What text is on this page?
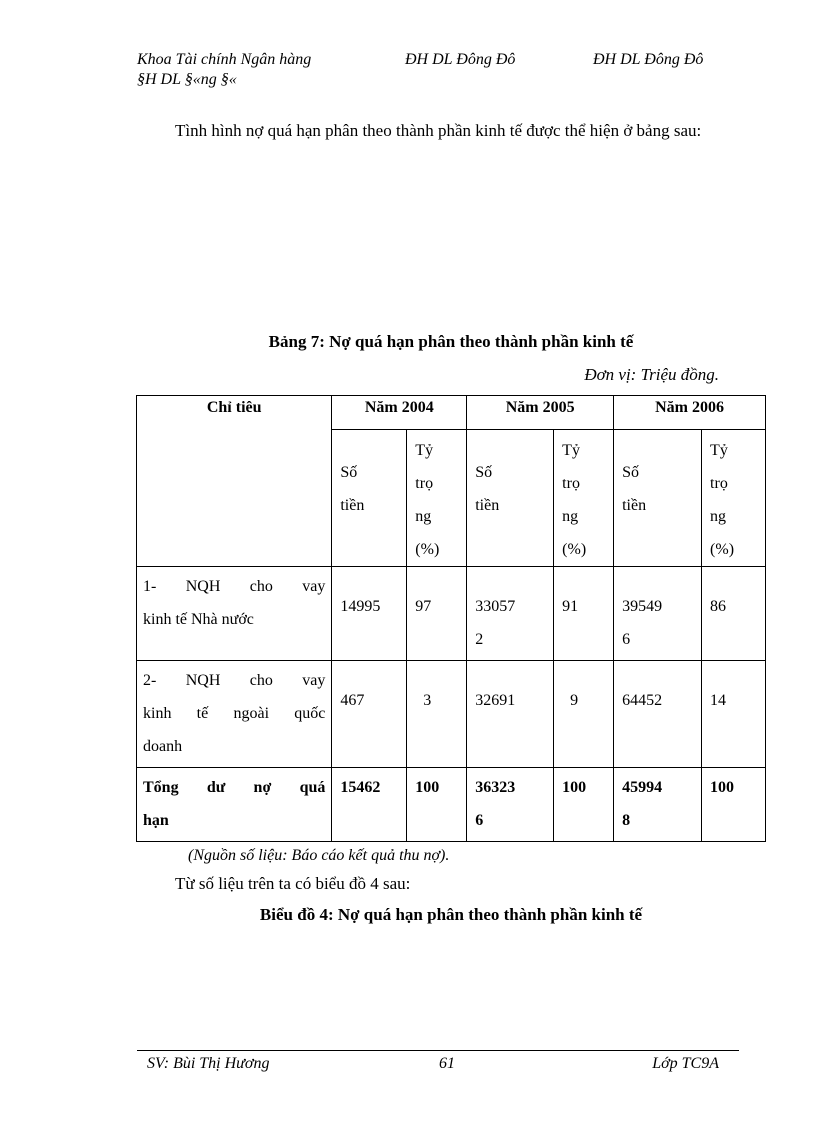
Khoa Tài chính Ngân hàng	ĐH DL Đông Đô	ĐH DL Đông Đô
§H DL §«ng §«

Tình hình nợ quá hạn phân theo thành phần kinh tế được thể hiện ở bảng sau:

Bảng 7: Nợ quá hạn phân theo thành phần kinh tế
Đơn vị: Triệu đồng.
Chỉ tiêu	Năm 2004		Năm 2005		Năm 2006	

	Số tiền	Tỷ trọng (%)	Số tiền	Tỷ trọng (%)	Số tiền	Tỷ trọng (%)

1- NQH cho vay
kinh tế Nhà nước	14995	97	330572	91	395496	86

2- NQH cho vay
kinh tế ngoài quốc
doanh	467	3	32691	9	64452	14

Tổng dư nợ quá
hạn	15462	100	363236	100	459948	100
(Nguồn số liệu: Báo cáo kết quả thu nợ).
Từ số liệu trên ta có biểu đồ 4 sau:
Biểu đồ 4: Nợ quá hạn phân theo thành phần kinh tế
SV: Bùi Thị Hương	61	Lớp TC9A
